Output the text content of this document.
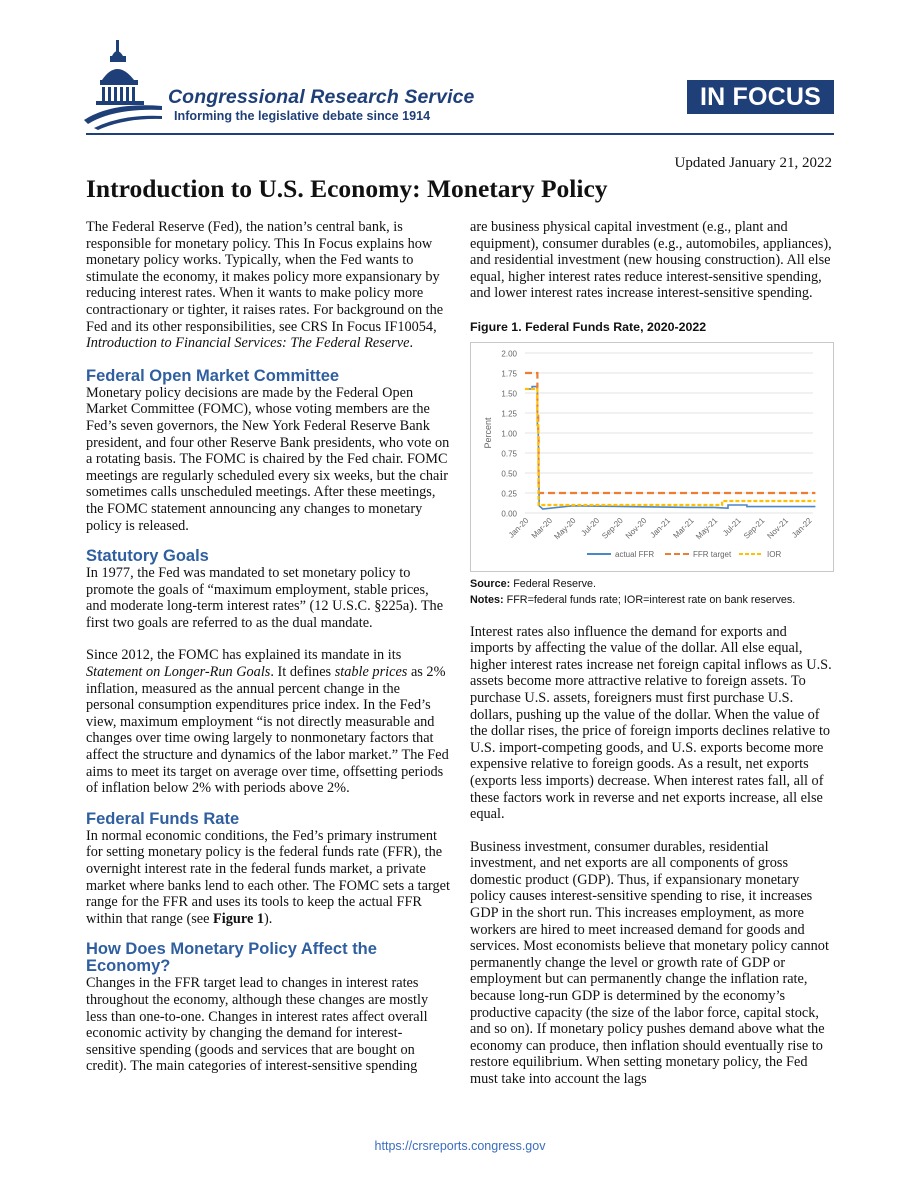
Congressional Research Service
Informing the legislative debate since 1914
IN FOCUS
Updated January 21, 2022
Introduction to U.S. Economy: Monetary Policy

The Federal Reserve (Fed), the nation’s central bank, is responsible for monetary policy. This In Focus explains how monetary policy works. Typically, when the Fed wants to stimulate the economy, it makes policy more expansionary by reducing interest rates. When it wants to make policy more contractionary or tighter, it raises rates. For background on the Fed and its other responsibilities, see CRS In Focus IF10054, Introduction to Financial Services: The Federal Reserve.

Federal Open Market Committee
Monetary policy decisions are made by the Federal Open Market Committee (FOMC), whose voting members are the Fed’s seven governors, the New York Federal Reserve Bank president, and four other Reserve Bank presidents, who vote on a rotating basis. The FOMC is chaired by the Fed chair. FOMC meetings are regularly scheduled every six weeks, but the chair sometimes calls unscheduled meetings. After these meetings, the FOMC statement announcing any changes to monetary policy is released.
Statutory Goals

In 1977, the Fed was mandated to set monetary policy to promote the goals of “maximum employment, stable prices, and moderate long-term interest rates” (12 U.S.C. §225a). The first two goals are referred to as the dual mandate.

Since 2012, the FOMC has explained its mandate in its Statement on Longer-Run Goals. It defines stable prices as 2% inflation, measured as the annual percent change in the personal consumption expenditures price index. In the Fed’s view, maximum employment “is not directly measurable and changes over time owing largely to nonmonetary factors that affect the structure and dynamics of the labor market.” The Fed aims to meet its target on average over time, offsetting periods of inflation below 2% with periods above 2%.

Federal Funds Rate
In normal economic conditions, the Fed’s primary instrument for setting monetary policy is the federal funds rate (FFR), the overnight interest rate in the federal funds market, a private market where banks lend to each other. The FOMC sets a target range for the FFR and uses its tools to keep the actual FFR within that range (see Figure 1).
How Does Monetary Policy Affect the Economy?
Changes in the FFR target lead to changes in interest rates throughout the economy, although these changes are mostly less than one-to-one. Changes in interest rates affect overall economic activity by changing the demand for interest-sensitive spending (goods and services that are bought on credit). The main categories of interest-sensitive spending

are business physical capital investment (e.g., plant and equipment), consumer durables (e.g., automobiles, appliances), and residential investment (new housing construction). All else equal, higher interest rates reduce interest-sensitive spending, and lower interest rates increase interest-sensitive spending.

Figure 1. Federal Funds Rate, 2020-2022
0.00
0.25
0.50
0.75
1.00
1.25
1.50
1.75
2.00
Percent
Jan-20 Mar-20
May-20 Jul-20 Sep-20 Nov-20 Jan-21 Mar-21
May-21 Jul-21 Sep-21 Nov-21 Jan-22
actual FFR	FFR target	IOR
Source: Federal Reserve.
Notes: FFR=federal funds rate; IOR=interest rate on bank reserves.

Interest rates also influence the demand for exports and imports by affecting the value of the dollar. All else equal, higher interest rates increase net foreign capital inflows as U.S. assets become more attractive relative to foreign assets. To purchase U.S. assets, foreigners must first purchase U.S. dollars, pushing up the value of the dollar. When the value of the dollar rises, the price of foreign imports declines relative to U.S. import-competing goods, and U.S. exports become more expensive relative to foreign goods. As a result, net exports (exports less imports) decrease. When interest rates fall, all of these factors work in reverse and net exports increase, all else equal.

Business investment, consumer durables, residential investment, and net exports are all components of gross domestic product (GDP). Thus, if expansionary monetary policy causes interest-sensitive spending to rise, it increases GDP in the short run. This increases employment, as more workers are hired to meet increased demand for goods and services. Most economists believe that monetary policy cannot permanently change the level or growth rate of GDP or employment but can permanently change the inflation rate, because long-run GDP is determined by the economy’s productive capacity (the size of the labor force, capital stock, and so on). If monetary policy pushes demand above what the economy can produce, then inflation should eventually rise to restore equilibrium. When setting monetary policy, the Fed must take into account the lags

https://crsreports.congress.gov
